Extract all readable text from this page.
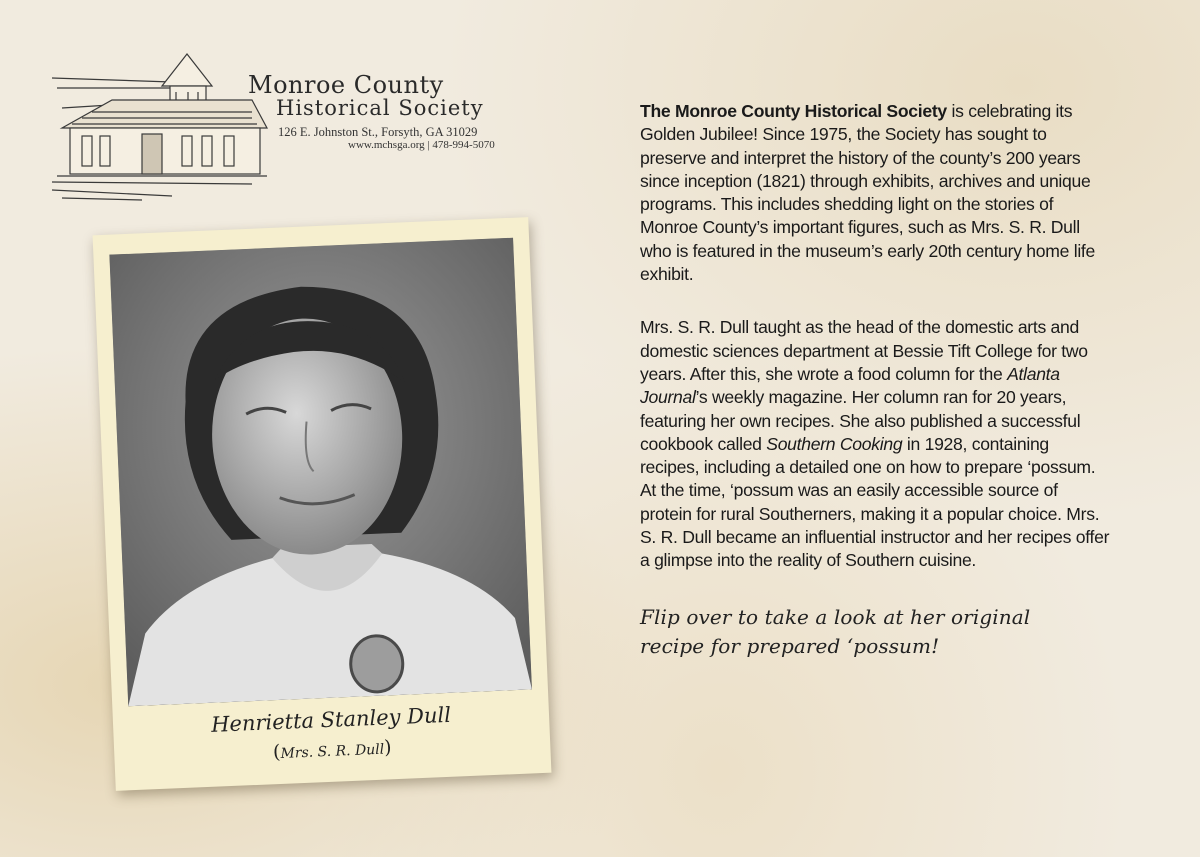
Monroe County

Historical Society

126 E. Johnston St., Forsyth, GA 31029

www.mchsga.org | 478-994-5070

Henrietta Stanley Dull

(Mrs. S. R. Dull)

The Monroe County Historical Society is celebrating its Golden Jubilee! Since 1975, the Society has sought to preserve and interpret the history of the county’s 200 years since inception (1821) through exhibits, archives and unique programs. This includes shedding light on the stories of Monroe County’s important figures, such as Mrs. S. R. Dull who is featured in the museum’s early 20th century home life exhibit.

Mrs. S. R. Dull taught as the head of the domestic arts and domestic sciences department at Bessie Tift College for two years. After this, she wrote a food column for the Atlanta Journal’s weekly magazine. Her column ran for 20 years, featuring her own recipes. She also published a successful cookbook called Southern Cooking in 1928, containing recipes, including a detailed one on how to prepare ‘possum. At the time, ‘possum was an easily accessible source of protein for rural Southerners, making it a popular choice. Mrs. S. R. Dull became an influential instructor and her recipes offer a glimpse into the reality of Southern cuisine.

Flip over to take a look at her original
recipe for prepared ‘possum!
